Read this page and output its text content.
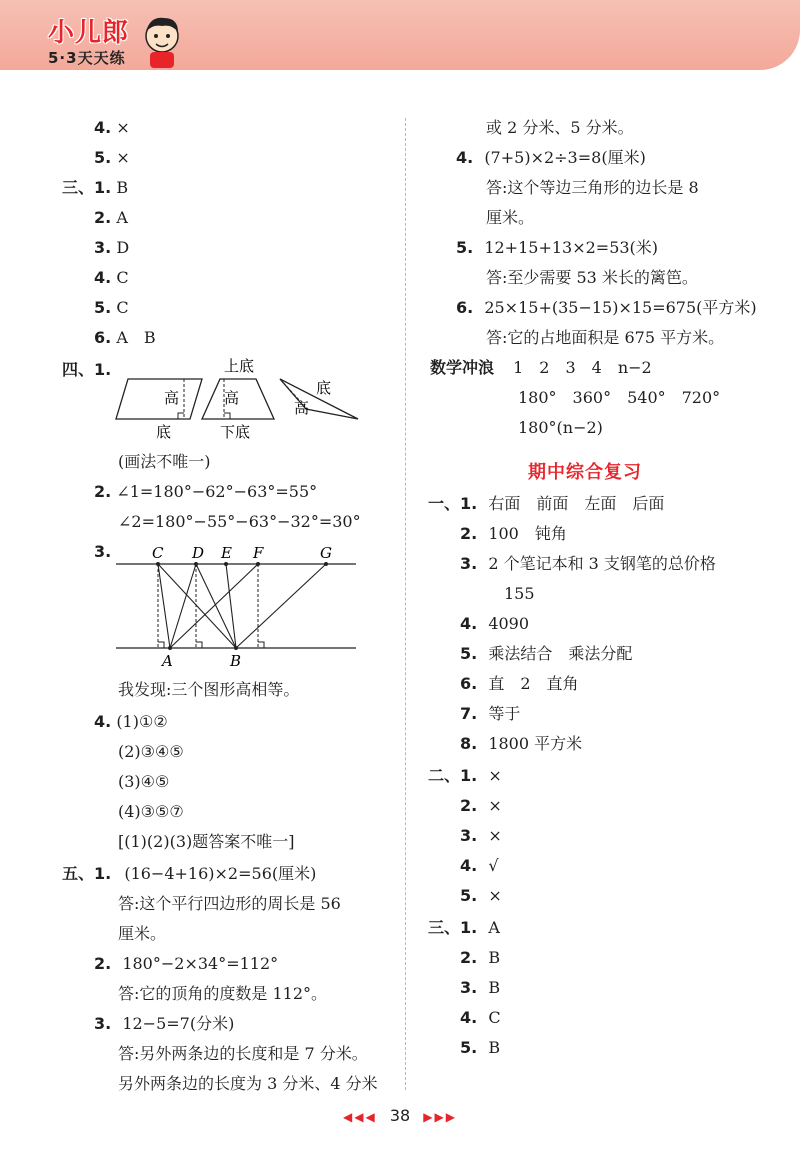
小儿郎
5·3天天练
4. ×
5. ×
三、1. B
2. A
3. D
4. C
5. C
6. A　B
四、1.
高
底
上底
高
下底
底
高
(画法不唯一)
2. ∠1=180°−62°−63°=55°
∠2=180°−55°−63°−32°=30°
3.	C D E F	G
A	B
我发现:三个图形高相等。
4. (1)①②
(2)③④⑤
(3)④⑤
(4)③⑤⑦
[(1)(2)(3)题答案不唯一]
五、1. (16−4+16)×2=56(厘米)
答:这个平行四边形的周长是 56
厘米。
2. 180°−2×34°=112°
答:它的顶角的度数是 112°。
3. 12−5=7(分米)
答:另外两条边的长度和是 7 分米。
另外两条边的长度为 3 分米、4 分米
或 2 分米、5 分米。
4. (7+5)×2÷3=8(厘米)
答:这个等边三角形的边长是 8
厘米。
5. 12+15+13×2=53(米)
答:至少需要 53 米长的篱笆。
6. 25×15+(35−15)×15=675(平方米)
答:它的占地面积是 675 平方米。
数学冲浪 1　2　3　4　n−2
180°　360°　540°　720°
180°(n−2)
期中综合复习
一、1. 右面　前面　左面　后面
2. 100　钝角
3. 2 个笔记本和 3 支钢笔的总价格
155
4. 4090
5. 乘法结合　乘法分配
6. 直　2　直角
7. 等于
8. 1800 平方米
二、1. ×
2. ×
3. ×
4. √
5. ×
三、1. A
2. B
3. B
4. C
5. B
◀◀◀ 38 ▶▶▶
